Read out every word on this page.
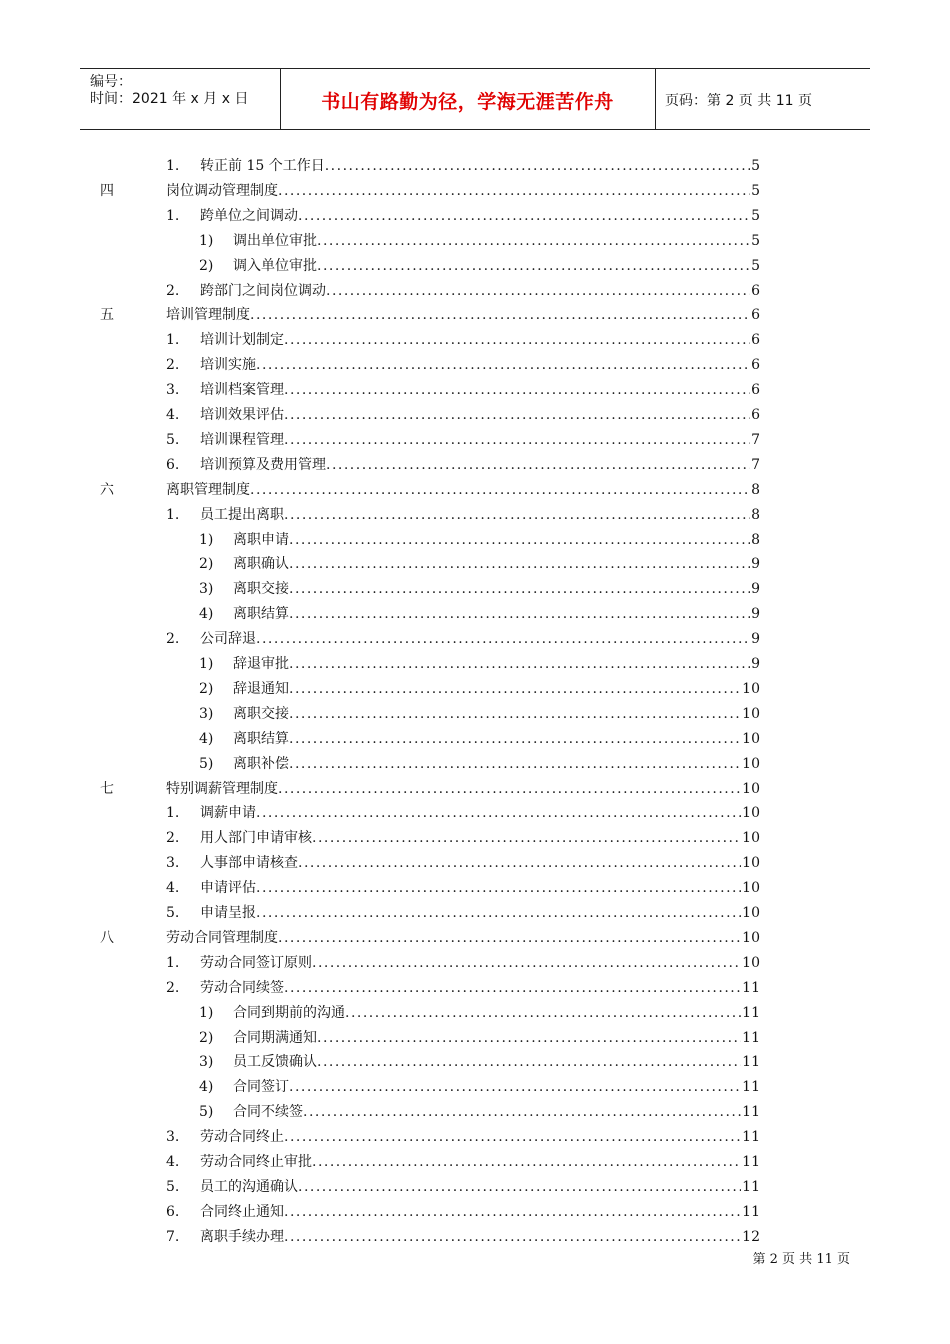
编号：
时间：2021 年 x 月 x 日	书山有路勤为径，学海无涯苦作舟	页码：第 2 页 共 11 页
1. 转正前 15 个工作日 .....	5
四	岗位调动管理制度 .....	5
1. 跨单位之间调动 .....	5
1) 调出单位审批 .....	5
2) 调入单位审批 .....	5
2. 跨部门之间岗位调动 .....	6
五	培训管理制度 .....	6
1. 培训计划制定 .....	6
2. 培训实施 .....	6
3. 培训档案管理 .....	6
4. 培训效果评估 .....	6
5. 培训课程管理 .....	7
6. 培训预算及费用管理 .....	7
六	离职管理制度 .....	8
1. 员工提出离职 .....	8
1) 离职申请 .....	8
2) 离职确认 .....	9
3) 离职交接 .....	9
4) 离职结算 .....	9
2. 公司辞退 .....	9
1) 辞退审批 .....	9
2) 辞退通知 .....	10
3) 离职交接 .....	10
4) 离职结算 .....	10
5) 离职补偿 .....	10
七	特别调薪管理制度 .....	10
1. 调薪申请 .....	10
2. 用人部门申请审核 .....	10
3. 人事部申请核查 .....	10
4. 申请评估 .....	10
5. 申请呈报 .....	10
八	劳动合同管理制度 .....	10
1. 劳动合同签订原则 .....	10
2. 劳动合同续签 .....	11
1) 合同到期前的沟通 .....	11
2) 合同期满通知 .....	11
3) 员工反馈确认 .....	11
4) 合同签订 .....	11
5) 合同不续签 .....	11
3. 劳动合同终止 .....	11
4. 劳动合同终止审批 .....	11
5. 员工的沟通确认 .....	11
6. 合同终止通知 .....	11
7. 离职手续办理 .....	12
第 2 页 共 11 页
